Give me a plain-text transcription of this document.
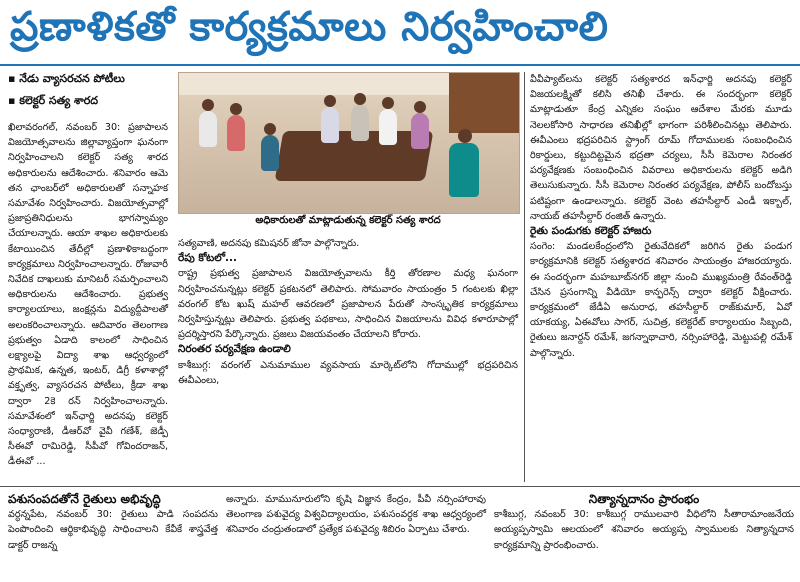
ప్రణాళికతో కార్యక్రమాలు నిర్వహించాలి
▪ నేడు వ్యాసరచన పోటీలు
▪ కలెక్టర్ సత్య శారద
అధికారులతో మాట్లాడుతున్న కలెక్టర్ సత్య శారద
ఖిలావరంగల్, నవంబర్ 30: ప్రజాపాలన విజయోత్సవాలను జిల్లావ్యాప్తంగా ఘనంగా నిర్వహించాలని కలెక్టర్ సత్య శారద అధికారులను ఆదేశించారు. శనివారం ఆమె తన ఛాంబర్‌లో అధికారులతో సన్నాహక సమావేశం నిర్వహించారు. విజయోత్సవాల్లో ప్రజాప్రతినిధులను భాగస్వామ్యం చేయాలన్నారు. ఆయా శాఖల అధికారులకు కేటాయించిన తేదీల్లో ప్రణాళికాబద్ధంగా కార్యక్రమాలు నిర్వహించాలన్నారు. రోజువారీ నివేదిక దాఖలుకు మానిటరీ సమర్పించాలని అధికారులను ఆదేశించారు. ప్రభుత్వ కార్యాలయాలు, జంక్షన్లను విద్యుద్దీపాలతో అలంకరించాలన్నారు. ఆదివారం తెలంగాణ ప్రభుత్వం ఏడాది కాలంలో సాధించిన లక్ష్యాలపై విద్యా శాఖ ఆధ్వర్యంలో ప్రాథమిక, ఉన్నత, ఇంటర్, డిగ్రీ కళాశాల్లో వక్తృత్వ, వ్యాసరచన పోటీలు, క్రీడా శాఖ ద్వారా 2కె రన్ నిర్వహించాలన్నారు. సమావేశంలో ఇన్‌ఛార్జి అదనపు కలెక్టర్ సంధ్యారాణి, డీఆర్‌వో వైవీ గణేశ్, జెడ్పీ సీఈవో రామిరెడ్డి, సీపీవో గోవిందరాజన్, డీఈవో ...
సత్యవాణి, అదనపు కమిషనర్ జోనా పాల్గొన్నారు.
రేపు కోటలో...
రాష్ట్ర ప్రభుత్వ ప్రజాపాలన విజయోత్సవాలను కీర్తి తోరణాల మధ్య ఘనంగా నిర్వహించనున్నట్లు కలెక్టర్ ప్రకటనలో తెలిపారు. సోమవారం సాయంత్రం 5 గంటలకు ఖిల్లా వరంగల్ కోట ఖుష్ మహల్ ఆవరణలో ప్రజాపాలన పేరుతో సాంస్కృతిక కార్యక్రమాలు నిర్వహిస్తున్నట్లు తెలిపారు. ప్రభుత్వ పథకాలు, సాధించిన విజయాలను వివిధ కళారూపాల్లో ప్రదర్శిస్తారని పేర్కొన్నారు. ప్రజలు విజయవంతం చేయాలని కోరారు.
నిరంతర పర్యవేక్షణ ఉండాలి
కాశీబుగ్గ: వరంగల్ ఎనుమాముల వ్యవసాయ మార్కెట్‌లోని గోదాముల్లో భద్రపరిచిన ఈవీఎంలు,
వీవీప్యాట్‌లను కలెక్టర్ సత్యశారద ఇన్‌ఛార్జి అదనపు కలెక్టర్ విజయలక్ష్మితో కలిసి తనిఖీ చేశారు. ఈ సందర్భంగా కలెక్టర్ మాట్లాడుతూ కేంద్ర ఎన్నికల సంఘం ఆదేశాల మేరకు మూడు నెలలకోసారి సాధారణ తనిఖీల్లో భాగంగా పరిశీలించినట్లు తెలిపారు. ఈవీఎంలు భద్రపరిచిన స్ట్రాంగ్ రూమ్ గోదాములకు సంబంధించిన రికార్డులు, కట్టుదిట్టమైన భద్రతా చర్యలు, సీసీ కెమెరాల నిరంతర పర్యవేక్షణకు సంబంధించిన వివరాలు అధికారులను కలెక్టర్ అడిగి తెలుసుకున్నారు. సీసీ కెమెరాల నిరంతర పర్యవేక్షణ, పోలీస్ బందోబస్తు పటిష్టంగా ఉండాలన్నారు. కలెక్టర్ వెంట తహసీల్దార్ ఎండీ ఇక్బాల్, నాయబ్ తహసీల్దార్ రంజిత్ ఉన్నారు.
రైతు పండుగకు కలెక్టర్ హాజరు
సంగెం: మండలకేంద్రంలోని రైతువేదికలో జరిగిన రైతు పండుగ కార్యక్రమానికి కలెక్టర్ సత్యశారద శనివారం సాయంత్రం హాజరయ్యారు. ఈ సందర్భంగా మహబూబ్‌నగర్ జిల్లా నుంచి ముఖ్యమంత్రి రేవంత్‌రెడ్డి చేసిన ప్రసంగాన్ని వీడియో కాన్ఫరెన్స్ ద్వారా కలెక్టర్ వీక్షించారు. కార్యక్రమంలో జేడీఏ అనురాధ, తహసీల్దార్ రాజ్‌కుమార్, ఏవో యాకయ్య, ఏఈవోలు సాగర్, సుచిత్ర, కలెక్టరేట్ కార్యాలయం సిబ్బంది, రైతులు జనార్దన్ రమేశ్, జగన్నాథాచారి, నర్సింహారెడ్డి, మెట్టుపల్లి రమేశ్ పాల్గొన్నారు.
పశుసంపదతోనే రైతులు అభివృద్ధి
వర్ధన్నపేట, నవంబర్ 30: రైతులు పాడి సంపదను పెంపొందించి ఆర్థికాభివృద్ధి సాధించాలని కేవీకే శాస్త్రవేత్త డాక్టర్ రాజన్న
అన్నారు. మామునూరులోని కృషి విజ్ఞాన కేంద్రం, పీవీ నర్సింహారావు తెలంగాణ పశువైద్య విశ్వవిద్యాలయం, పశుసంవర్ధక శాఖ ఆధ్వర్యంలో శనివారం చంద్రుతండాలో ప్రత్యేక పశువైద్య శిబిరం ఏర్పాటు చేశారు.
నిత్యాన్నదానం ప్రారంభం
కాశీబుగ్గ, నవంబర్ 30: కాశీబుగ్గ రాములవారి వీధిలోని సీతారామాంజనేయ అయ్యప్పస్వామి ఆలయంలో శనివారం అయ్యప్ప స్వాములకు నిత్యాన్నదాన కార్యక్రమాన్ని ప్రారంభించారు.
